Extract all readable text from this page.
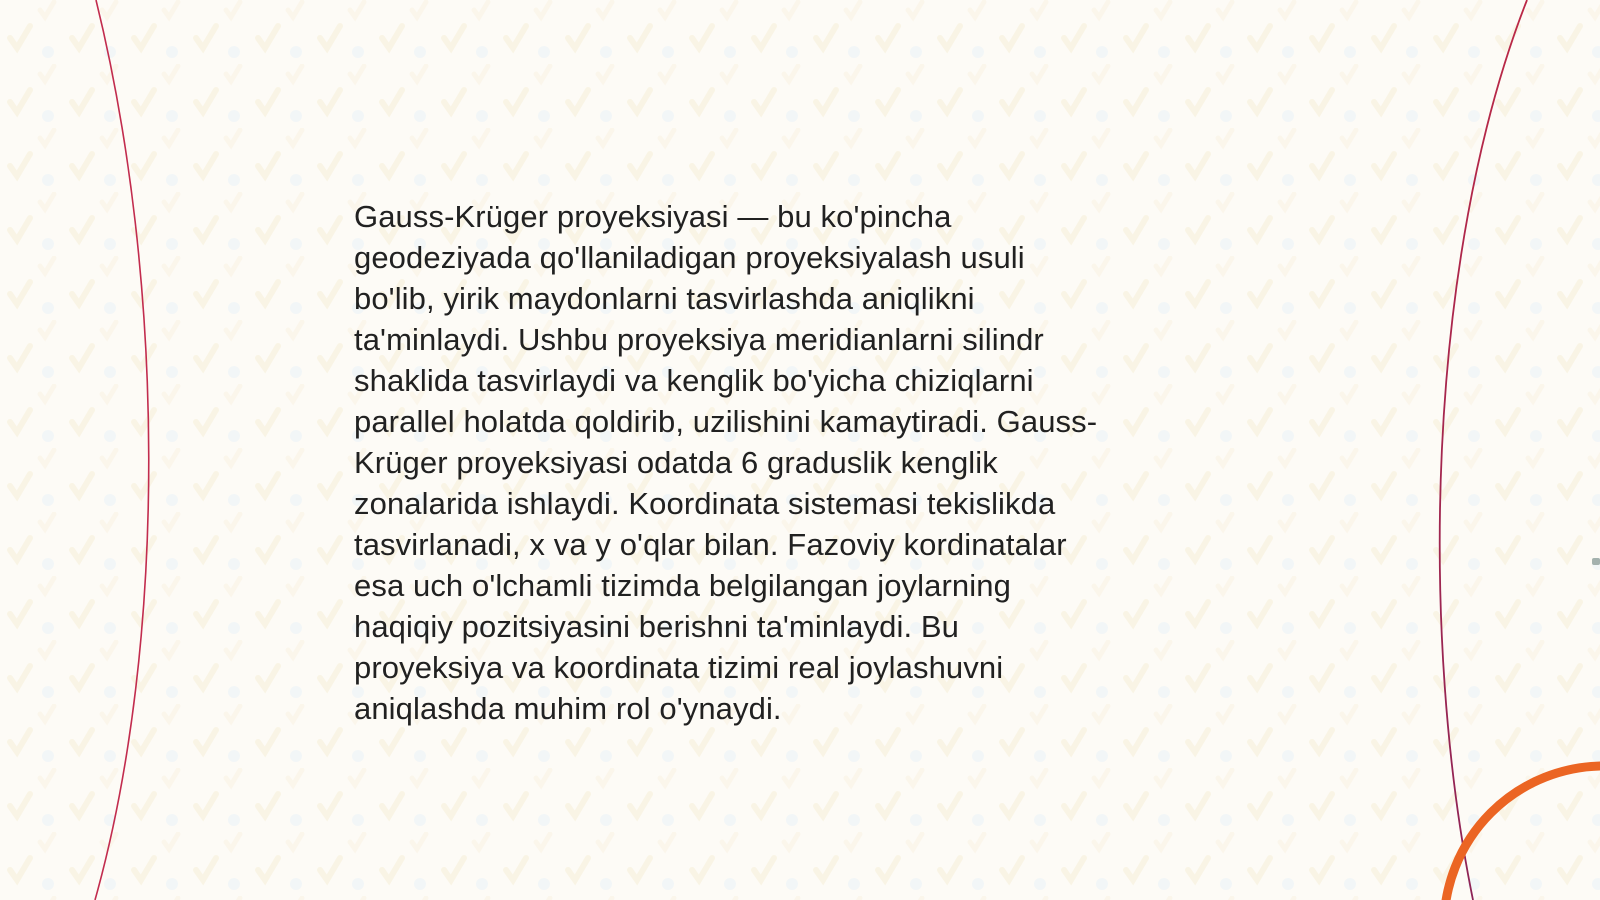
Gauss-Krüger proyeksiyasi — bu ko'pincha
geodeziyada qo'llaniladigan proyeksiyalash usuli
bo'lib, yirik maydonlarni tasvirlashda aniqlikni
ta'minlaydi. Ushbu proyeksiya meridianlarni silindr
shaklida tasvirlaydi va kenglik bo'yicha chiziqlarni
parallel holatda qoldirib, uzilishini kamaytiradi. Gauss-
Krüger proyeksiyasi odatda 6 graduslik kenglik
zonalarida ishlaydi. Koordinata sistemasi tekislikda
tasvirlanadi, x va y o'qlar bilan. Fazoviy kordinatalar
esa uch o'lchamli tizimda belgilangan joylarning
haqiqiy pozitsiyasini berishni ta'minlaydi. Bu
proyeksiya va koordinata tizimi real joylashuvni
aniqlashda muhim rol o'ynaydi.
